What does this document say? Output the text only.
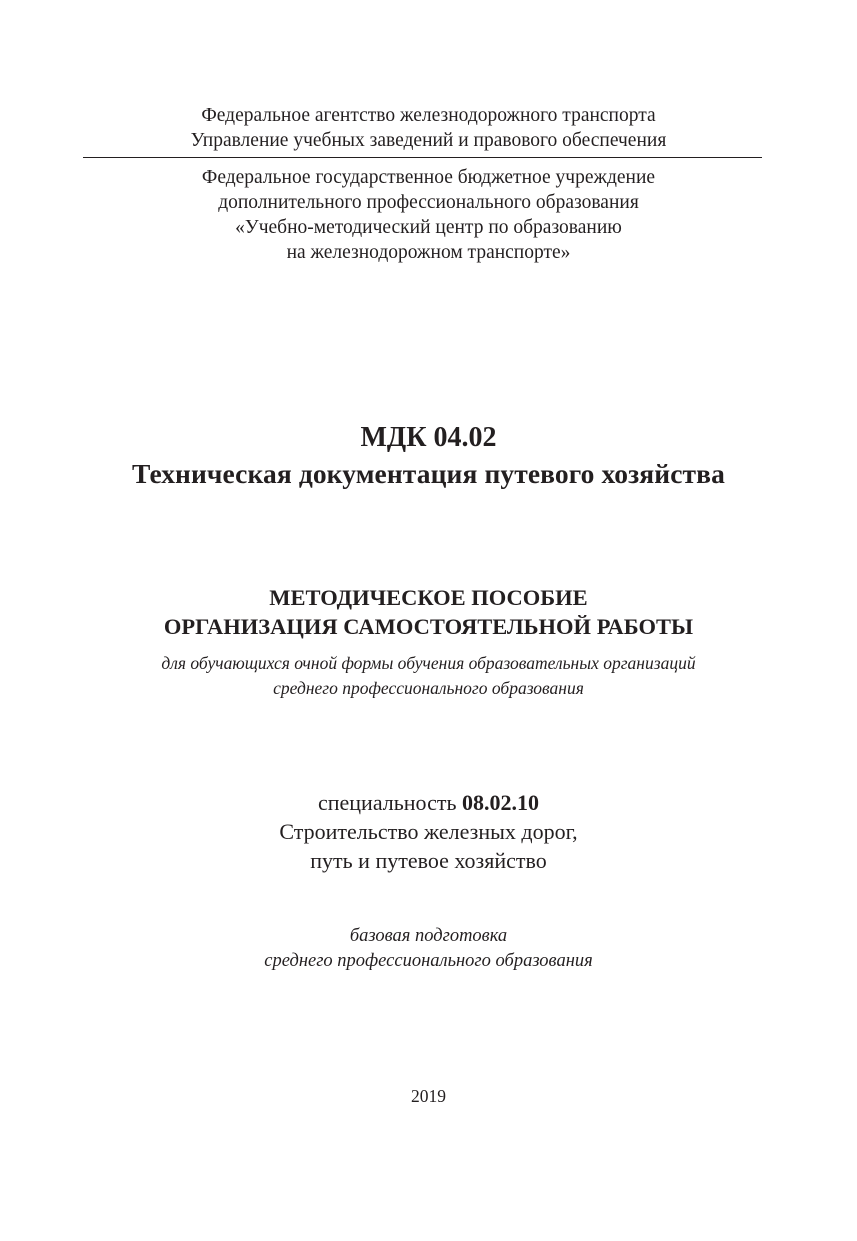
Федеральное агентство железнодорожного транспорта
Управление учебных заведений и правового обеспечения
Федеральное государственное бюджетное учреждение
дополнительного профессионального образования
«Учебно-методический центр по образованию
на железнодорожном транспорте»
МДК 04.02
Техническая документация путевого хозяйства
МЕТОДИЧЕСКОЕ ПОСОБИЕ
ОРГАНИЗАЦИЯ САМОСТОЯТЕЛЬНОЙ РАБОТЫ
для обучающихся очной формы обучения образовательных организаций
среднего профессионального образования
специальность 08.02.10
Строительство железных дорог,
путь и путевое хозяйство
базовая подготовка
среднего профессионального образования
2019
